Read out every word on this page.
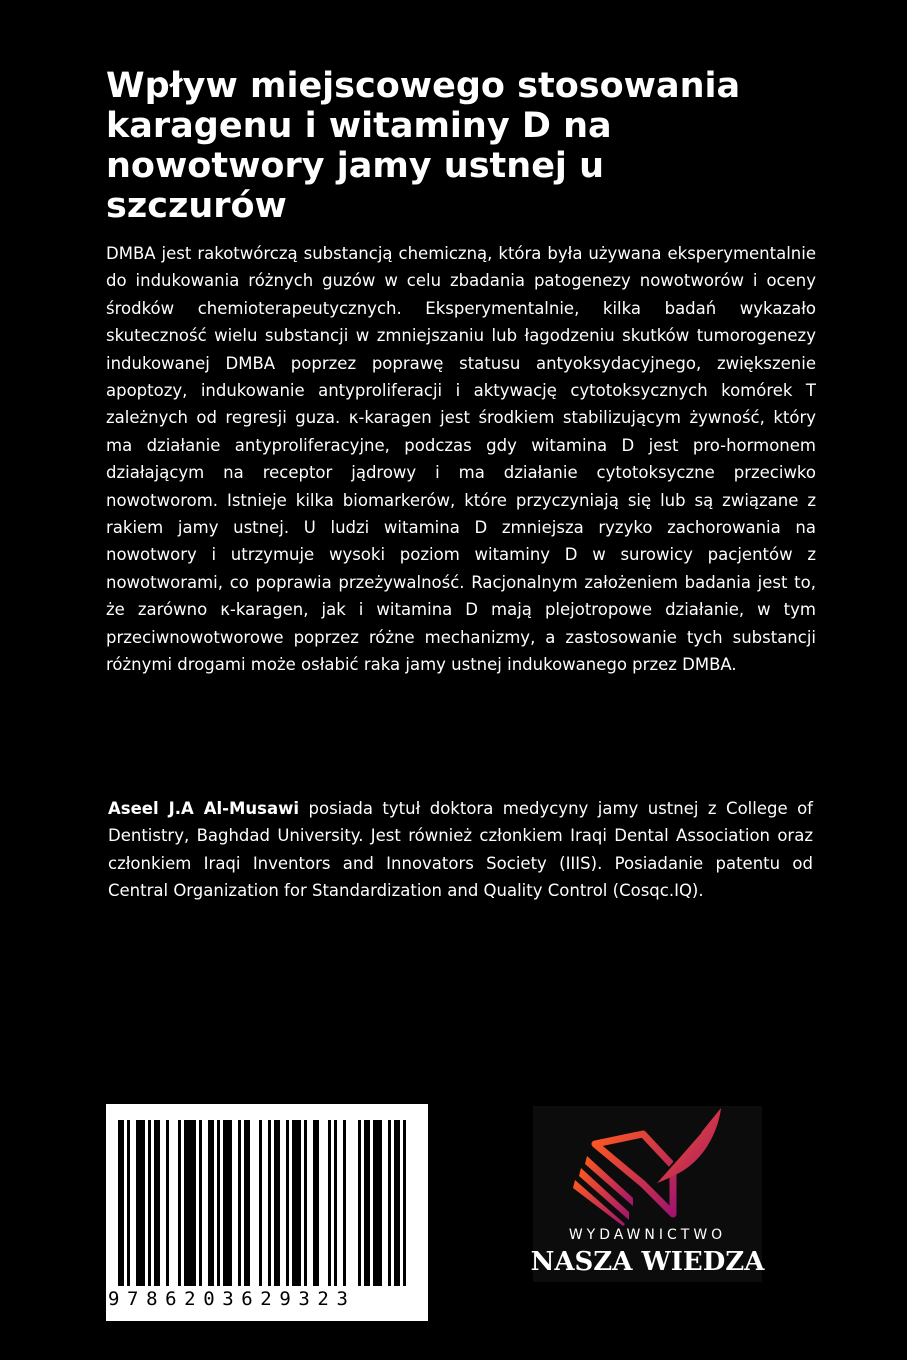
Wpływ miejscowego stosowania karagenu i witaminy D na nowotwory jamy ustnej u szczurów

DMBA jest rakotwórczą substancją chemiczną, która była używana eksperymentalnie do indukowania różnych guzów w celu zbadania patogenezy nowotworów i oceny środków chemioterapeutycznych. Eksperymentalnie, kilka badań wykazało skuteczność wielu substancji w zmniejszaniu lub łagodzeniu skutków tumorogenezy indukowanej DMBA poprzez poprawę statusu antyoksydacyjnego, zwiększenie apoptozy, indukowanie antyproliferacji i aktywację cytotoksycznych komórek T zależnych od regresji guza. κ-karagen jest środkiem stabilizującym żywność, który ma działanie antyproliferacyjne, podczas gdy witamina D jest pro-hormonem działającym na receptor jądrowy i ma działanie cytotoksyczne przeciwko nowotworom. Istnieje kilka biomarkerów, które przyczyniają się lub są związane z rakiem jamy ustnej. U ludzi witamina D zmniejsza ryzyko zachorowania na nowotwory i utrzymuje wysoki poziom witaminy D w surowicy pacjentów z nowotworami, co poprawia przeżywalność. Racjonalnym założeniem badania jest to, że zarówno κ-karagen, jak i witamina D mają plejotropowe działanie, w tym przeciwnowotworowe poprzez różne mechanizmy, a zastosowanie tych substancji różnymi drogami może osłabić raka jamy ustnej indukowanego przez DMBA.

Aseel J.A Al-Musawi posiada tytuł doktora medycyny jamy ustnej z College of Dentistry, Baghdad University. Jest również członkiem Iraqi Dental Association oraz członkiem Iraqi Inventors and Innovators Society (IIIS). Posiadanie patentu od Central Organization for Standardization and Quality Control (Cosqc.IQ).

9786203629323
WYDAWNICTWO
NASZA WIEDZA
